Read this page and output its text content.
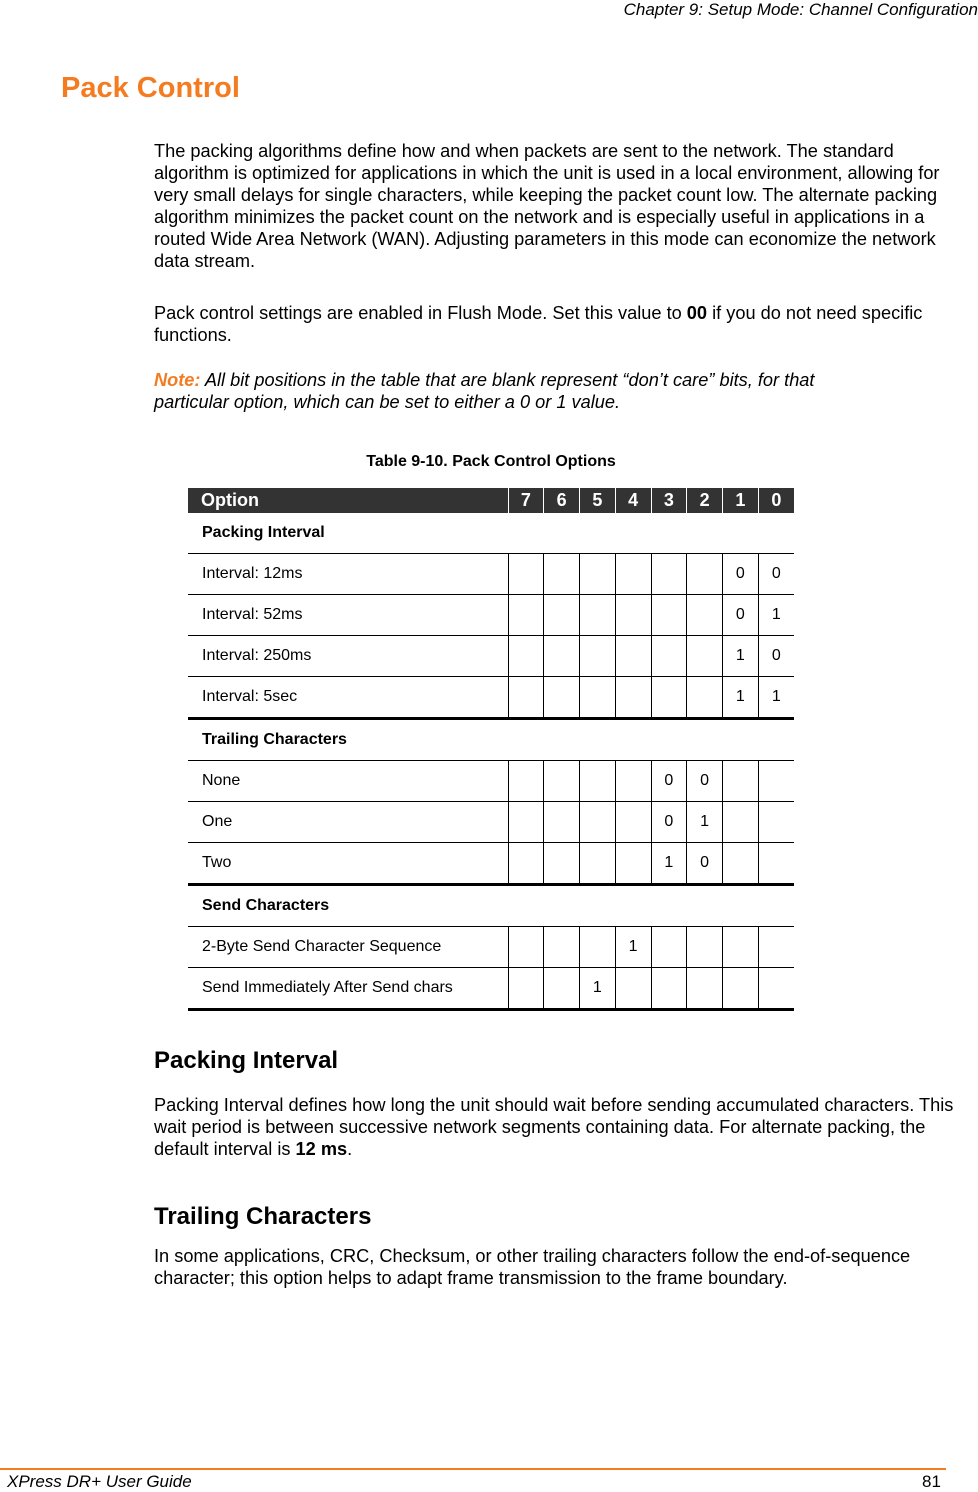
Chapter 9: Setup Mode: Channel Configuration
Pack Control

The packing algorithms define how and when packets are sent to the network. The standard algorithm is optimized for applications in which the unit is used in a local environment, allowing for very small delays for single characters, while keeping the packet count low. The alternate packing algorithm minimizes the packet count on the network and is especially useful in applications in a routed Wide Area Network (WAN). Adjusting parameters in this mode can economize the network data stream.

Pack control settings are enabled in Flush Mode. Set this value to 00 if you do not need specific functions.

Note: All bit positions in the table that are blank represent “don’t care” bits, for that particular option, which can be set to either a 0 or 1 value.

Table 9-10. Pack Control Options
Option	7	6	5	4	3	2	1	0
Packing Interval								
Interval: 12ms							0	0
Interval: 52ms							0	1
Interval: 250ms							1	0
Interval: 5sec							1	1
Trailing Characters								
None					0	0		
One					0	1		
Two					1	0		
Send Characters								
2-Byte Send Character Sequence				1				
Send Immediately After Send chars			1					
Packing Interval

Packing Interval defines how long the unit should wait before sending accumulated characters. This wait period is between successive network segments containing data. For alternate packing, the default interval is 12 ms.

Trailing Characters

In some applications, CRC, Checksum, or other trailing characters follow the end-of-sequence character; this option helps to adapt frame transmission to the frame boundary.

XPress DR+ User Guide	81
